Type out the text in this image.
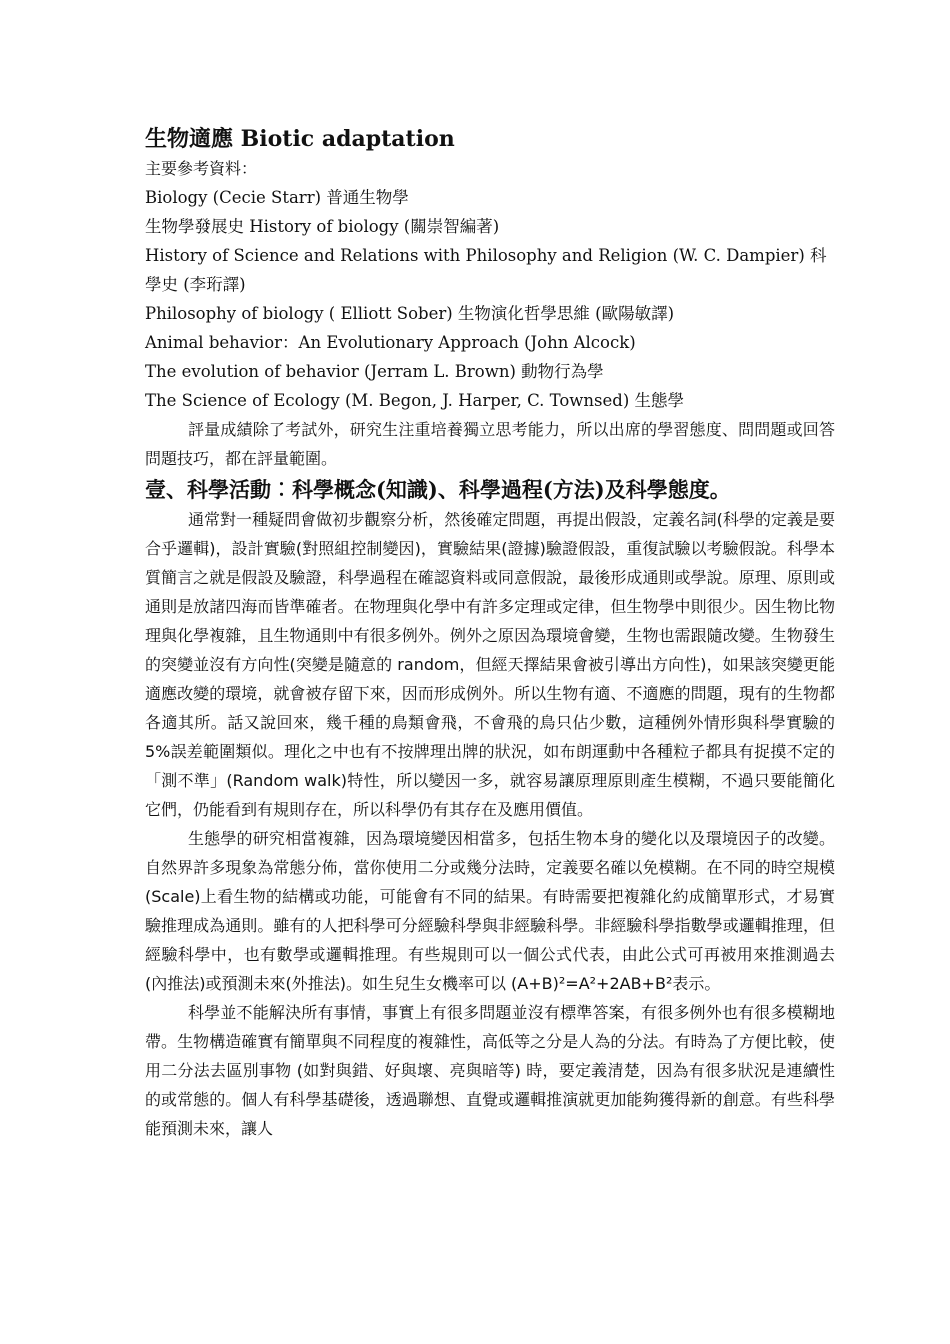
生物適應 Biotic adaptation

主要參考資料：

Biology (Cecie Starr) 普通生物學

生物學發展史 History of biology (關崇智編著)

History of Science and Relations with Philosophy and Religion (W. C. Dampier) 科學史 (李珩譯)

Philosophy of biology ( Elliott Sober) 生物演化哲學思維 (歐陽敏譯)

Animal behavior：An Evolutionary Approach (John Alcock)

The evolution of behavior (Jerram L. Brown) 動物行為學

The Science of Ecology (M. Begon, J. Harper, C. Townsed) 生態學

評量成績除了考試外，研究生注重培養獨立思考能力，所以出席的學習態度、問問題或回答問題技巧，都在評量範圍。

壹、科學活動︰科學概念(知識)、科學過程(方法)及科學態度。

通常對一種疑問會做初步觀察分析，然後確定問題，再提出假設，定義名詞(科學的定義是要合乎邏輯)，設計實驗(對照組控制變因)，實驗結果(證據)驗證假設，重復試驗以考驗假說。科學本質簡言之就是假設及驗證，科學過程在確認資料或同意假說，最後形成通則或學說。原理、原則或通則是放諸四海而皆準確者。在物理與化學中有許多定理或定律，但生物學中則很少。因生物比物理與化學複雜，且生物通則中有很多例外。例外之原因為環境會變，生物也需跟隨改變。生物發生的突變並沒有方向性(突變是隨意的 random，但經天擇結果會被引導出方向性)，如果該突變更能適應改變的環境，就會被存留下來，因而形成例外。所以生物有適、不適應的問題，現有的生物都各適其所。話又說回來，幾千種的鳥類會飛，不會飛的鳥只佔少數，這種例外情形與科學實驗的 5%誤差範圍類似。理化之中也有不按牌理出牌的狀況，如布朗運動中各種粒子都具有捉摸不定的「測不準」(Random walk)特性，所以變因一多，就容易讓原理原則產生模糊，不過只要能簡化它們，仍能看到有規則存在，所以科學仍有其存在及應用價值。

生態學的研究相當複雜，因為環境變因相當多，包括生物本身的變化以及環境因子的改變。自然界許多現象為常態分佈，當你使用二分或幾分法時，定義要名確以免模糊。在不同的時空規模(Scale)上看生物的結構或功能，可能會有不同的結果。有時需要把複雜化約成簡單形式，才易實驗推理成為通則。雖有的人把科學可分經驗科學與非經驗科學。非經驗科學指數學或邏輯推理，但經驗科學中，也有數學或邏輯推理。有些規則可以一個公式代表，由此公式可再被用來推測過去(內推法)或預測未來(外推法)。如生兒生女機率可以 (A+B)²=A²+2AB+B²表示。

科學並不能解決所有事情，事實上有很多問題並沒有標準答案，有很多例外也有很多模糊地帶。生物構造確實有簡單與不同程度的複雜性，高低等之分是人為的分法。有時為了方便比較，使用二分法去區別事物 (如對與錯、好與壞、亮與暗等) 時，要定義清楚，因為有很多狀況是連續性的或常態的。個人有科學基礎後，透過聯想、直覺或邏輯推演就更加能夠獲得新的創意。有些科學能預測未來，讓人
